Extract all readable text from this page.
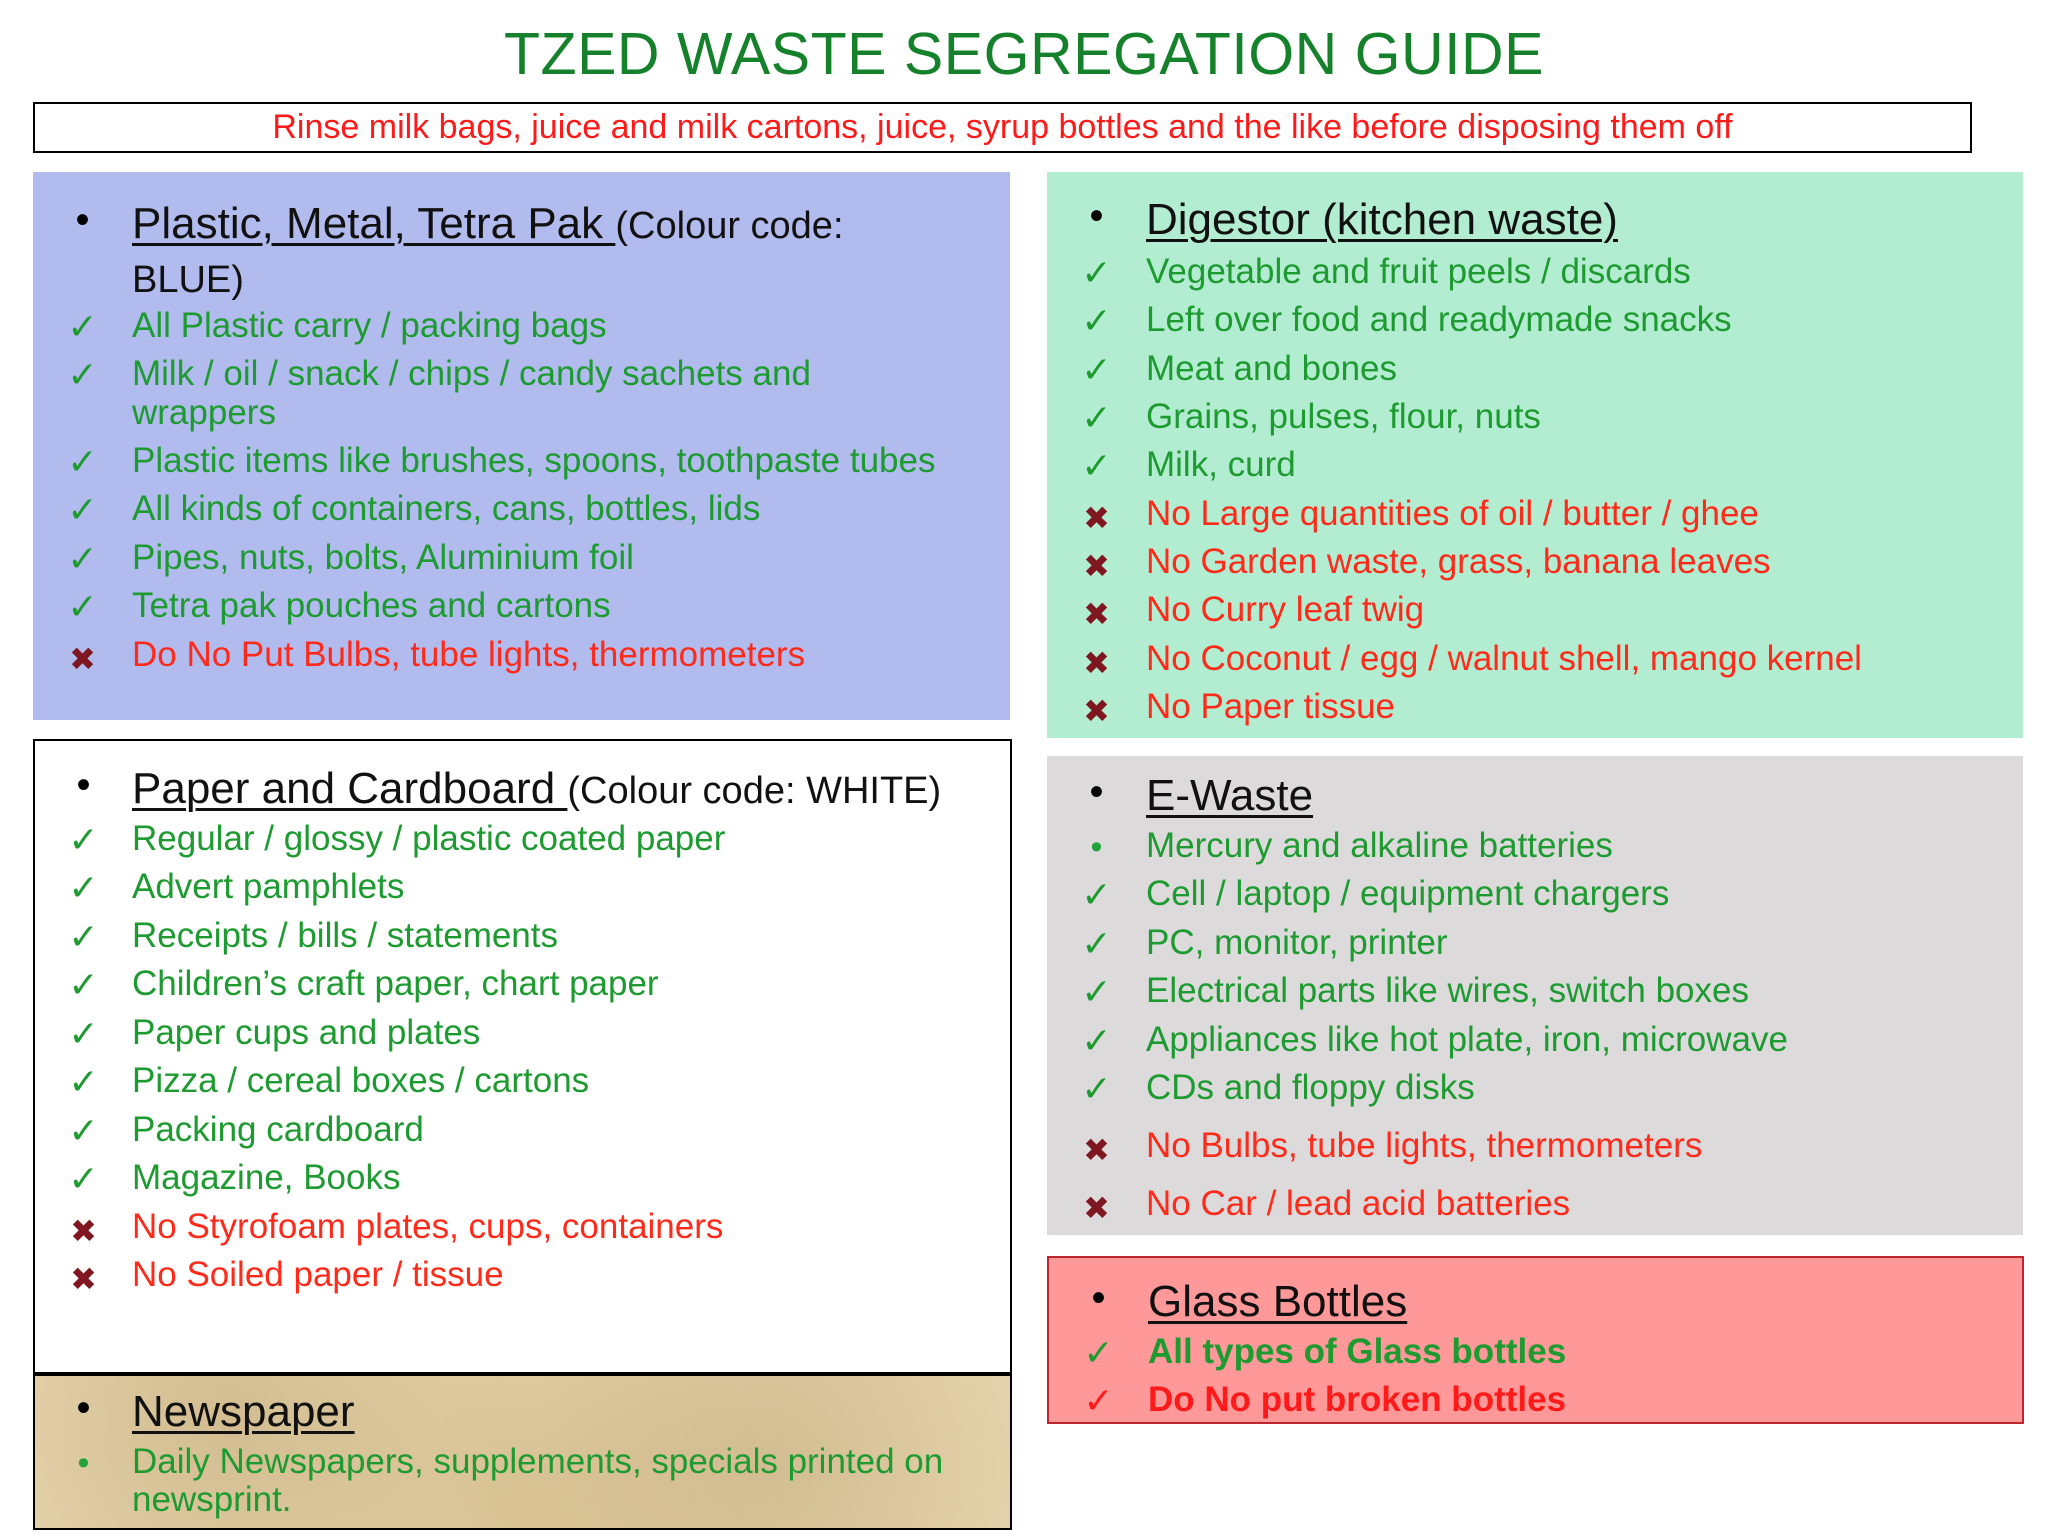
TZED WASTE SEGREGATION GUIDE
Rinse milk bags, juice and milk cartons, juice, syrup bottles and the like before disposing them off
• Plastic, Metal, Tetra Pak (Colour code:
BLUE)
✓ All Plastic carry / packing bags
✓ Milk / oil / snack / chips / candy sachets and
wrappers
✓ Plastic items like brushes, spoons, toothpaste tubes
✓ All kinds of containers, cans, bottles, lids
✓ Pipes, nuts, bolts, Aluminium foil
✓ Tetra pak pouches and cartons
✖	Do No Put Bulbs, tube lights, thermometers
• Digestor (kitchen waste)
✓ Vegetable and fruit peels / discards
✓ Left over food and readymade snacks
✓ Meat and bones
✓ Grains, pulses, flour, nuts
✓ Milk, curd
✖	No Large quantities of oil / butter / ghee
✖	No Garden waste, grass, banana leaves
✖	No Curry leaf twig
✖	No Coconut / egg / walnut shell, mango kernel
✖	No Paper tissue
• Paper and Cardboard (Colour code: WHITE)
✓ Regular / glossy / plastic coated paper
✓ Advert pamphlets
✓ Receipts / bills / statements
✓ Children’s craft paper, chart paper
✓ Paper cups and plates
✓ Pizza / cereal boxes / cartons
✓ Packing cardboard
✓ Magazine, Books
✖	No Styrofoam plates, cups, containers
✖	No Soiled paper / tissue
• E-Waste
•	Mercury and alkaline batteries
✓ Cell / laptop / equipment chargers
✓ PC, monitor, printer
✓ Electrical parts like wires, switch boxes
✓ Appliances like hot plate, iron, microwave
✓ CDs and floppy disks
✖	No Bulbs, tube lights, thermometers
✖	No Car / lead acid batteries
• Glass Bottles
✓ All types of Glass bottles
✓ Do No put broken bottles
• Newspaper
•	Daily Newspapers, supplements, specials printed on
newsprint.
